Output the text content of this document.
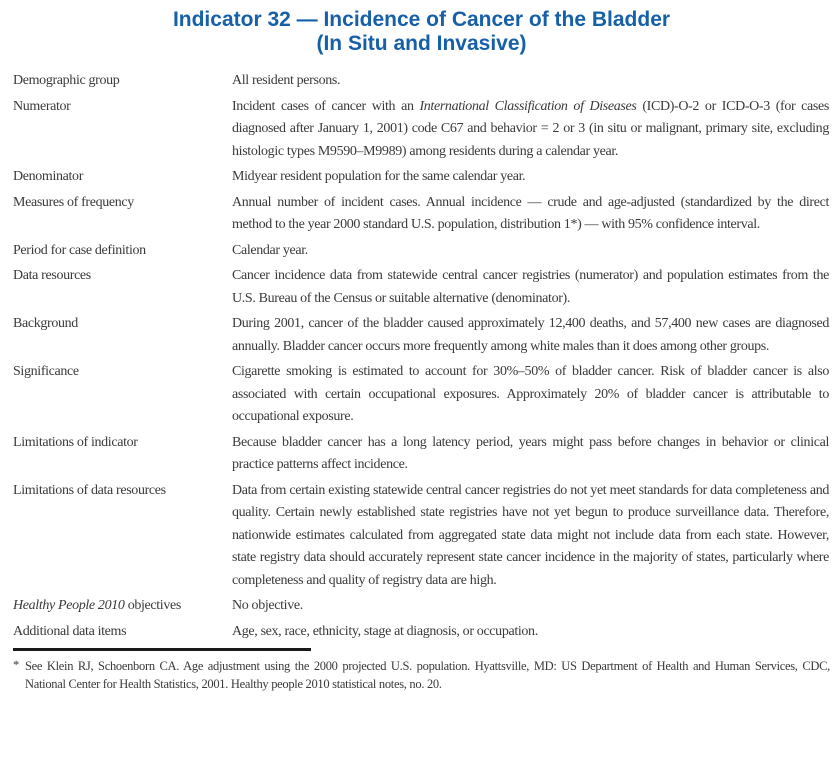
Indicator 32 — Incidence of Cancer of the Bladder
(In Situ and Invasive)
Demographic group	All resident persons.
Numerator	Incident cases of cancer with an International Classification of Diseases (ICD)-O-2 or ICD-O-3 (for cases diagnosed after January 1, 2001) code C67 and behavior = 2 or 3 (in situ or malignant, primary site, excluding histologic types M9590–M9989) among residents during a calendar year.
Denominator	Midyear resident population for the same calendar year.
Measures of frequency	Annual number of incident cases. Annual incidence — crude and age-adjusted (standardized by the direct method to the year 2000 standard U.S. population, distribution 1*) — with 95% confidence interval.
Period for case definition	Calendar year.
Data resources	Cancer incidence data from statewide central cancer registries (numerator) and population estimates from the U.S. Bureau of the Census or suitable alternative (denominator).
Background	During 2001, cancer of the bladder caused approximately 12,400 deaths, and 57,400 new cases are diagnosed annually. Bladder cancer occurs more frequently among white males than it does among other groups.
Significance	Cigarette smoking is estimated to account for 30%–50% of bladder cancer. Risk of bladder cancer is also associated with certain occupational exposures. Approximately 20% of bladder cancer is attributable to occupational exposure.
Limitations of indicator	Because bladder cancer has a long latency period, years might pass before changes in behavior or clinical practice patterns affect incidence.
Limitations of data resources	Data from certain existing statewide central cancer registries do not yet meet standards for data completeness and quality. Certain newly established state registries have not yet begun to produce surveillance data. Therefore, nationwide estimates calculated from aggregated state data might not include data from each state. However, state registry data should accurately represent state cancer incidence in the majority of states, particularly where completeness and quality of registry data are high.
Healthy People 2010 objectives	No objective.
Additional data items	Age, sex, race, ethnicity, stage at diagnosis, or occupation.
* See Klein RJ, Schoenborn CA. Age adjustment using the 2000 projected U.S. population. Hyattsville, MD: US Department of Health and Human Services, CDC, National Center for Health Statistics, 2001. Healthy people 2010 statistical notes, no. 20.
